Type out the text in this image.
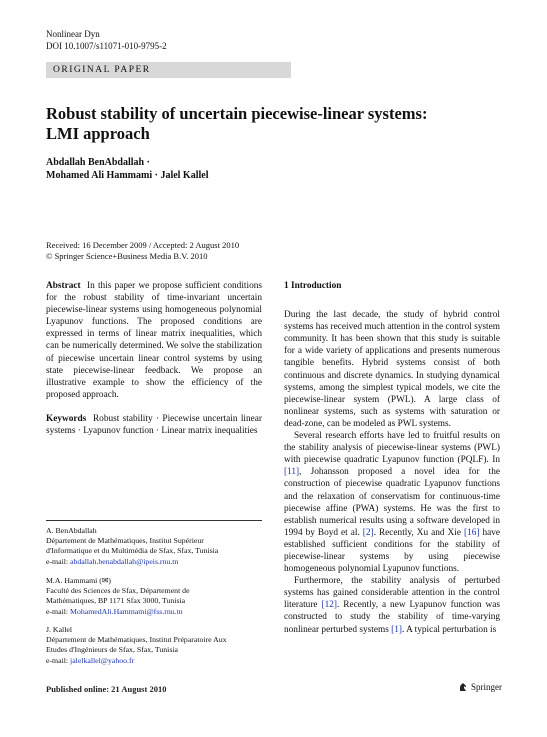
Nonlinear Dyn
DOI 10.1007/s11071-010-9795-2
ORIGINAL PAPER
Robust stability of uncertain piecewise-linear systems:
LMI approach
Abdallah BenAbdallah ·
Mohamed Ali Hammami · Jalel Kallel
Received: 16 December 2009 / Accepted: 2 August 2010
© Springer Science+Business Media B.V. 2010

Abstract In this paper we propose sufficient conditions for the robust stability of time-invariant uncertain piecewise-linear systems using homogeneous polynomial Lyapunov functions. The proposed conditions are expressed in terms of linear matrix inequalities, which can be numerically determined. We solve the stabilization of piecewise uncertain linear control systems by using state piecewise-linear feedback. We propose an illustrative example to show the efficiency of the proposed approach.

Keywords Robust stability · Piecewise uncertain linear systems · Lyapunov function · Linear matrix inequalities

A. BenAbdallah
Département de Mathématiques, Institut Supérieur
d'Informatique et du Multimédia de Sfax, Sfax, Tunisia
e-mail: abdallah.benabdallah@ipeis.rnu.tn
M.A. Hammami (✉)
Faculté des Sciences de Sfax, Département de
Mathématiques, BP 1171 Sfax 3000, Tunisia
e-mail: MohamedAli.Hammami@fss.rnu.tn
J. Kallel
Département de Mathématiques, Institut Préparatoire Aux
Etudes d'Ingénieurs de Sfax, Sfax, Tunisia
e-mail: jalelkallel@yahoo.fr

1 Introduction

During the last decade, the study of hybrid control systems has received much attention in the control system community. It has been shown that this study is suitable for a wide variety of applications and presents numerous tangible benefits. Hybrid systems consist of both continuous and discrete dynamics. In studying dynamical systems, among the simplest typical models, we cite the piecewise-linear system (PWL). A large class of nonlinear systems, such as systems with saturation or dead-zone, can be modeled as PWL systems.

Several research efforts have led to fruitful results on the stability analysis of piecewise-linear systems (PWL) with piecewise quadratic Lyapunov function (PQLF). In [11], Johansson proposed a novel idea for the construction of piecewise quadratic Lyapunov functions and the relaxation of conservatism for continuous-time piecewise affine (PWA) systems. He was the first to establish numerical results using a software developed in 1994 by Boyd et al. [2]. Recently, Xu and Xie [16] have established sufficient conditions for the stability of piecewise-linear systems by using piecewise homogeneous polynomial Lyapunov functions.

Furthermore, the stability analysis of perturbed systems has gained considerable attention in the control literature [12]. Recently, a new Lyapunov function was constructed to study the stability of time-varying nonlinear perturbed systems [1]. A typical perturbation is

Published online: 21 August 2010	Springer
